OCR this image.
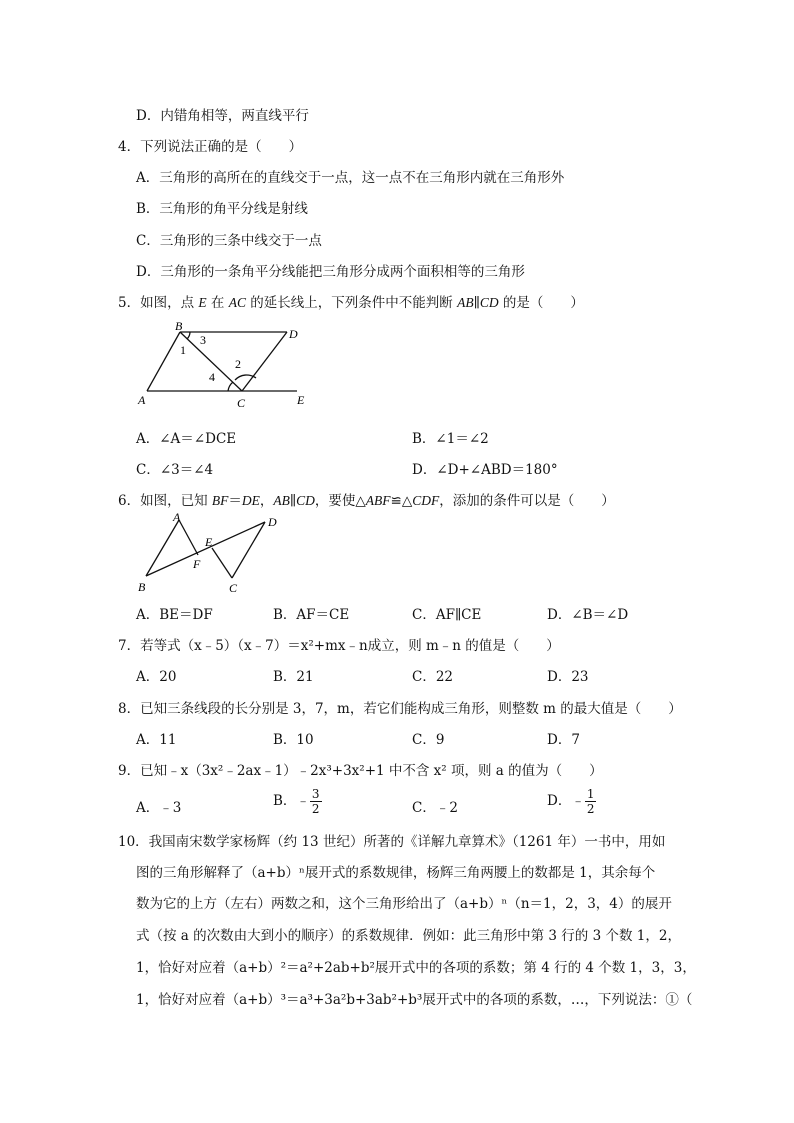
D．内错角相等，两直线平行
4．下列说法正确的是（　　）
A．三角形的高所在的直线交于一点，这一点不在三角形内就在三角形外
B．三角形的角平分线是射线
C．三角形的三条中线交于一点
D．三角形的一条角平分线能把三角形分成两个面积相等的三角形
5．如图，点 E 在 AC 的延长线上，下列条件中不能判断 AB∥CD 的是（　　）
B
D
1
3
2
4
A	C	E
A．∠A＝∠DCE	B．∠1＝∠2
C．∠3＝∠4	D．∠D+∠ABD＝180°
6．如图，已知 BF＝DE，AB∥CD，要使△ABF≌△CDF，添加的条件可以是（　　）
A	D
E
F
B	C
A．BE＝DF	B．AF＝CE	C．AF∥CE	D．∠B＝∠D
7．若等式（x﹣5）（x﹣7）＝x²+mx﹣n成立，则 m﹣n 的值是（　　）
A．20	B．21	C．22	D．23
8．已知三条线段的长分别是 3，7，m，若它们能构成三角形，则整数 m 的最大值是（　　）
A．11	B．10	C．9	D．7
9．已知﹣x（3x²﹣2ax﹣1）﹣2x³+3x²+1 中不含 x² 项，则 a 的值为（　　）
A．﹣3	B．﹣ $\frac{3}{2}$	C．﹣2	D．﹣ $\frac{1}{2}$
10．我国南宋数学家杨辉（约 13 世纪）所著的《详解九章算术》（1261 年）一书中，用如
图的三角形解释了（a+b）ⁿ展开式的系数规律，杨辉三角两腰上的数都是 1，其余每个
数为它的上方（左右）两数之和，这个三角形给出了（a+b）ⁿ（n＝1，2，3，4）的展开
式（按 a 的次数由大到小的顺序）的系数规律．例如：此三角形中第 3 行的 3 个数 1，2，
1，恰好对应着（a+b）²＝a²+2ab+b²展开式中的各项的系数；第 4 行的 4 个数 1，3，3，
1，恰好对应着（a+b）³＝a³+3a²b+3ab²+b³展开式中的各项的系数，…，下列说法：①（
